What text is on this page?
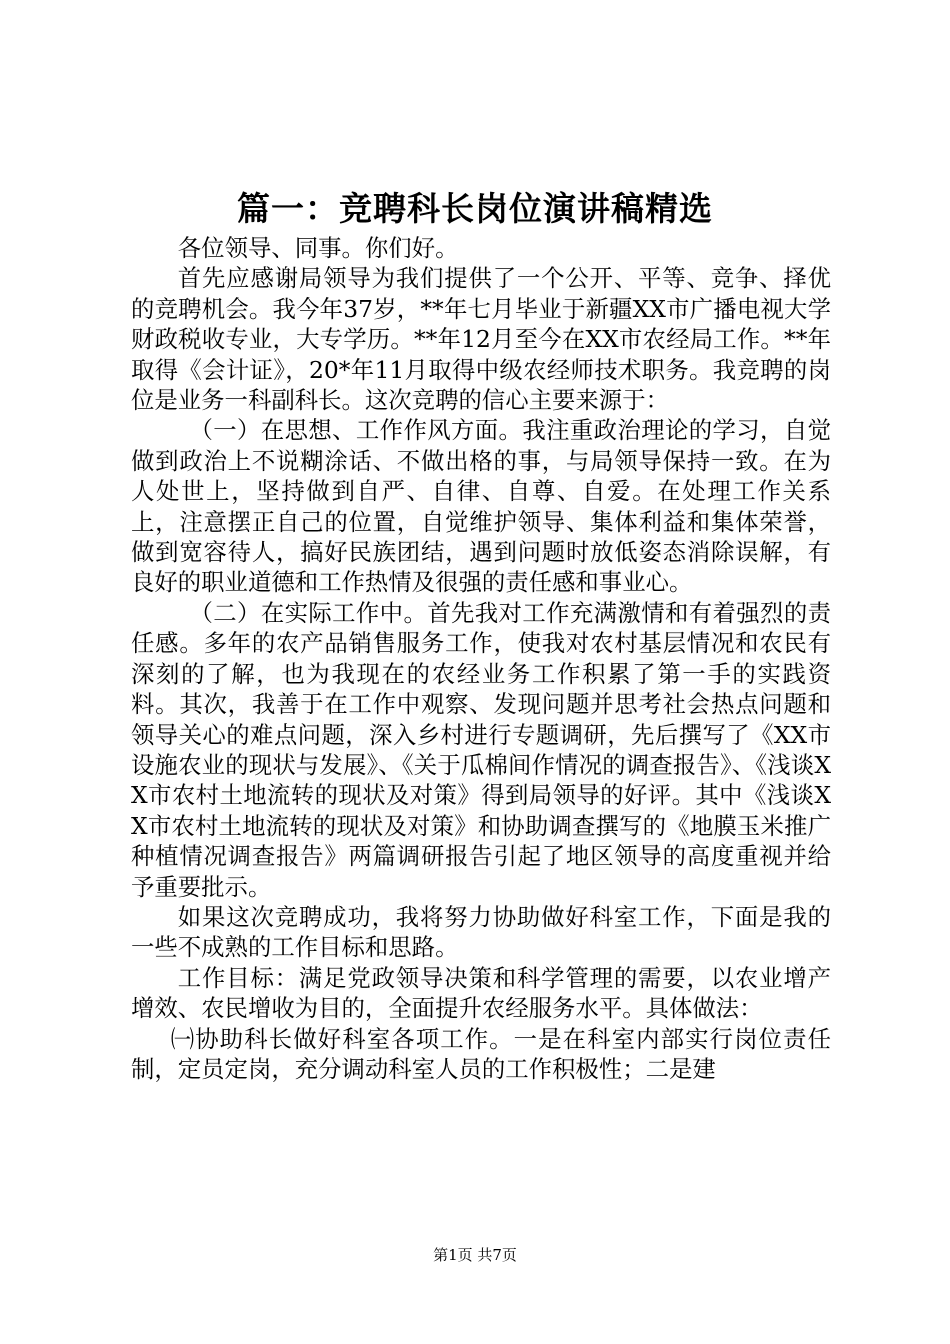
篇一：竞聘科长岗位演讲稿精选

各位领导、同事。你们好。

首先应感谢局领导为我们提供了一个公开、平等、竞争、择优的竞聘机会。我今年37岁，**年七月毕业于新疆XX市广播电视大学财政税收专业，大专学历。**年12月至今在XX市农经局工作。**年取得《会计证》，20*年11月取得中级农经师技术职务。我竞聘的岗位是业务一科副科长。这次竞聘的信心主要来源于：

（一）在思想、工作作风方面。我注重政治理论的学习，自觉做到政治上不说糊涂话、不做出格的事，与局领导保持一致。在为人处世上，坚持做到自严、自律、自尊、自爱。在处理工作关系上，注意摆正自己的位置，自觉维护领导、集体利益和集体荣誉，做到宽容待人，搞好民族团结，遇到问题时放低姿态消除误解，有良好的职业道德和工作热情及很强的责任感和事业心。

（二）在实际工作中。首先我对工作充满激情和有着强烈的责任感。多年的农产品销售服务工作，使我对农村基层情况和农民有深刻的了解，也为我现在的农经业务工作积累了第一手的实践资料。其次，我善于在工作中观察、发现问题并思考社会热点问题和领导关心的难点问题，深入乡村进行专题调研，先后撰写了《XX市设施农业的现状与发展》、《关于瓜棉间作情况的调查报告》、《浅谈XX市农村土地流转的现状及对策》得到局领导的好评。其中《浅谈XX市农村土地流转的现状及对策》和协助调查撰写的《地膜玉米推广种植情况调查报告》两篇调研报告引起了地区领导的高度重视并给予重要批示。

如果这次竞聘成功，我将努力协助做好科室工作，下面是我的一些不成熟的工作目标和思路。

工作目标：满足党政领导决策和科学管理的需要，以农业增产增效、农民增收为目的，全面提升农经服务水平。具体做法：

㈠协助科长做好科室各项工作。一是在科室内部实行岗位责任制，定员定岗，充分调动科室人员的工作积极性；二是建

第1页 共7页
